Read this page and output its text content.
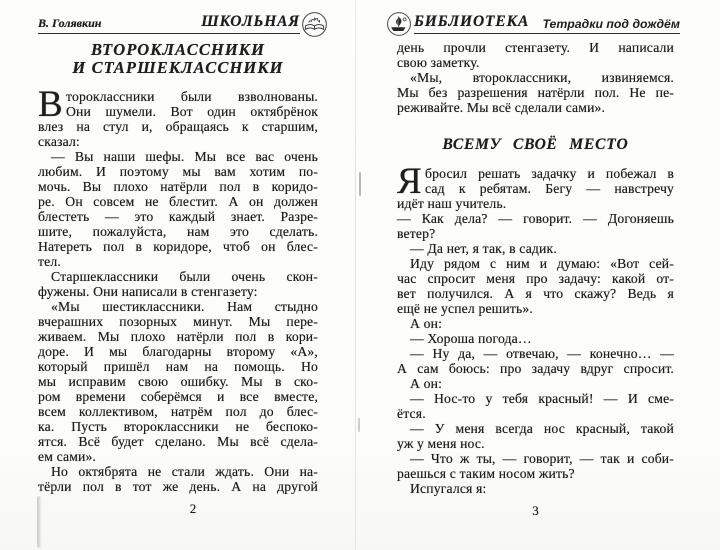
В. Голявкин	ШКОЛЬНАЯ
ВТОРОКЛАССНИКИ
И СТАРШЕКЛАССНИКИ
В тороклассники были взволнованы.
Они шумели. Вот один октябрёнок
влез на стул и, обращаясь к старшим,
сказал:
— Вы наши шефы. Мы все вас очень
любим. И поэтому мы вам хотим по-
мочь. Вы плохо натёрли пол в коридо-
ре. Он совсем не блестит. А он должен
блестеть — это каждый знает. Разре-
шите, пожалуйста, нам это сделать.
Натереть пол в коридоре, чтоб он блес-
тел.
Старшеклассники были очень скон-
фужены. Они написали в стенгазету:
«Мы шестиклассники. Нам стыдно
вчерашних позорных минут. Мы пере-
живаем. Мы плохо натёрли пол в кори-
доре. И мы благодарны второму «А»,
который пришёл нам на помощь. Но
мы исправим свою ошибку. Мы в ско-
ром времени соберёмся и все вместе,
всем коллективом, натрём пол до блес-
ка. Пусть второклассники не беспоко-
ятся. Всё будет сделано. Мы всё сдела-
ем сами».
Но октябрята не стали ждать. Они на-
тёрли пол в тот же день. А на другой
2
БИБЛИОТЕКА Тетрадки под дождём
день прочли стенгазету. И написали
свою заметку.
«Мы, второклассники, извиняемся.
Мы без разрешения натёрли пол. Не пе-
реживайте. Мы всё сделали сами».
ВСЕМУ СВОЁ МЕСТО
Я бросил решать задачку и побежал в
сад к ребятам. Бегу — навстречу
идёт наш учитель.
— Как дела? — говорит. — Догоняешь
ветер?
— Да нет, я так, в садик.
Иду рядом с ним и думаю: «Вот сей-
час спросит меня про задачу: какой от-
вет получился. А я что скажу? Ведь я
ещё не успел решить».
А он:
— Хороша погода…
— Ну да, — отвечаю, — конечно… —
А сам боюсь: про задачу вдруг спросит.
А он:
— Нос-то у тебя красный! — И сме-
ётся.
— У меня всегда нос красный, такой
уж у меня нос.
— Что ж ты, — говорит, — так и соби-
раешься с таким носом жить?
Испугался я:
3
